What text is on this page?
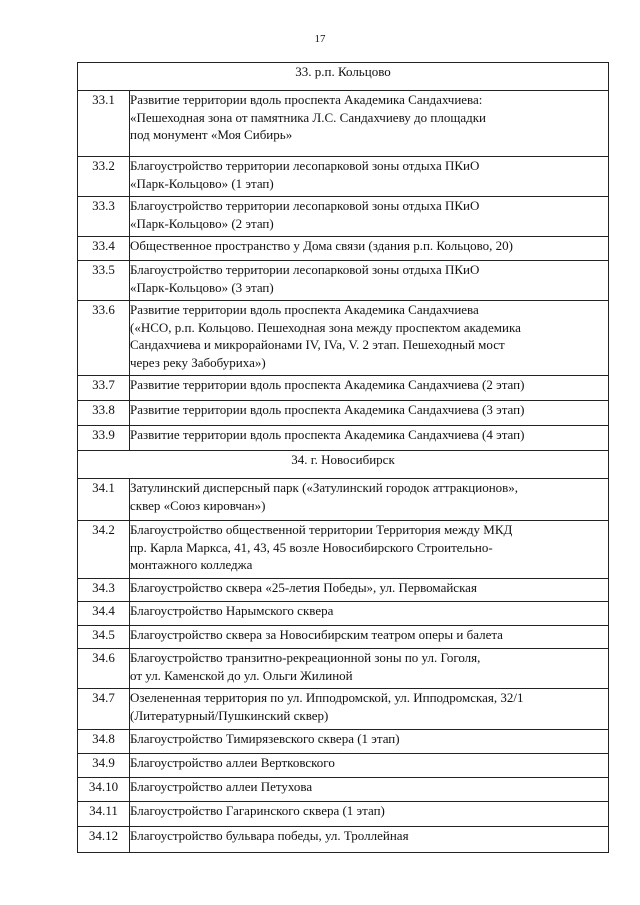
17
33. р.п. Кольцово	
33.1	Развитие территории вдоль проспекта Академика Сандахчиева:
«Пешеходная зона от памятника Л.С. Сандахчиеву до площадки
под монумент «Моя Сибирь»

33.2	Благоустройство территории лесопарковой зоны отдыха ПКиО
«Парк-Кольцово» (1 этап)

33.3	Благоустройство территории лесопарковой зоны отдыха ПКиО
«Парк-Кольцово» (2 этап)

33.4	Общественное пространство у Дома связи (здания р.п. Кольцово, 20)

33.5	Благоустройство территории лесопарковой зоны отдыха ПКиО
«Парк-Кольцово» (3 этап)

33.6	Развитие территории вдоль проспекта Академика Сандахчиева
(«НСО, р.п. Кольцово. Пешеходная зона между проспектом академика
Сандахчиева и микрорайонами IV, IVa, V. 2 этап. Пешеходный мост
через реку Забобуриха»)

33.7	Развитие территории вдоль проспекта Академика Сандахчиева (2 этап)

33.8	Развитие территории вдоль проспекта Академика Сандахчиева (3 этап)

33.9	Развитие территории вдоль проспекта Академика Сандахчиева (4 этап)

34. г. Новосибирск	
34.1	Затулинский дисперсный парк («Затулинский городок аттракционов»,
сквер «Союз кировчан»)

34.2	Благоустройство общественной территории Территория между МКД
пр. Карла Маркса, 41, 43, 45 возле Новосибирского Строительно-
монтажного колледжа

34.3	Благоустройство сквера «25-летия Победы», ул. Первомайская

34.4	Благоустройство Нарымского сквера

34.5	Благоустройство сквера за Новосибирским театром оперы и балета

34.6	Благоустройство транзитно-рекреационной зоны по ул. Гоголя,
от ул. Каменской до ул. Ольги Жилиной

34.7	Озелененная территория по ул. Ипподромской, ул. Ипподромская, 32/1
(Литературный/Пушкинский сквер)

34.8	Благоустройство Тимирязевского сквера (1 этап)

34.9	Благоустройство аллеи Вертковского

34.10	Благоустройство аллеи Петухова

34.11	Благоустройство Гагаринского сквера (1 этап)

34.12	Благоустройство бульвара победы, ул. Троллейная
